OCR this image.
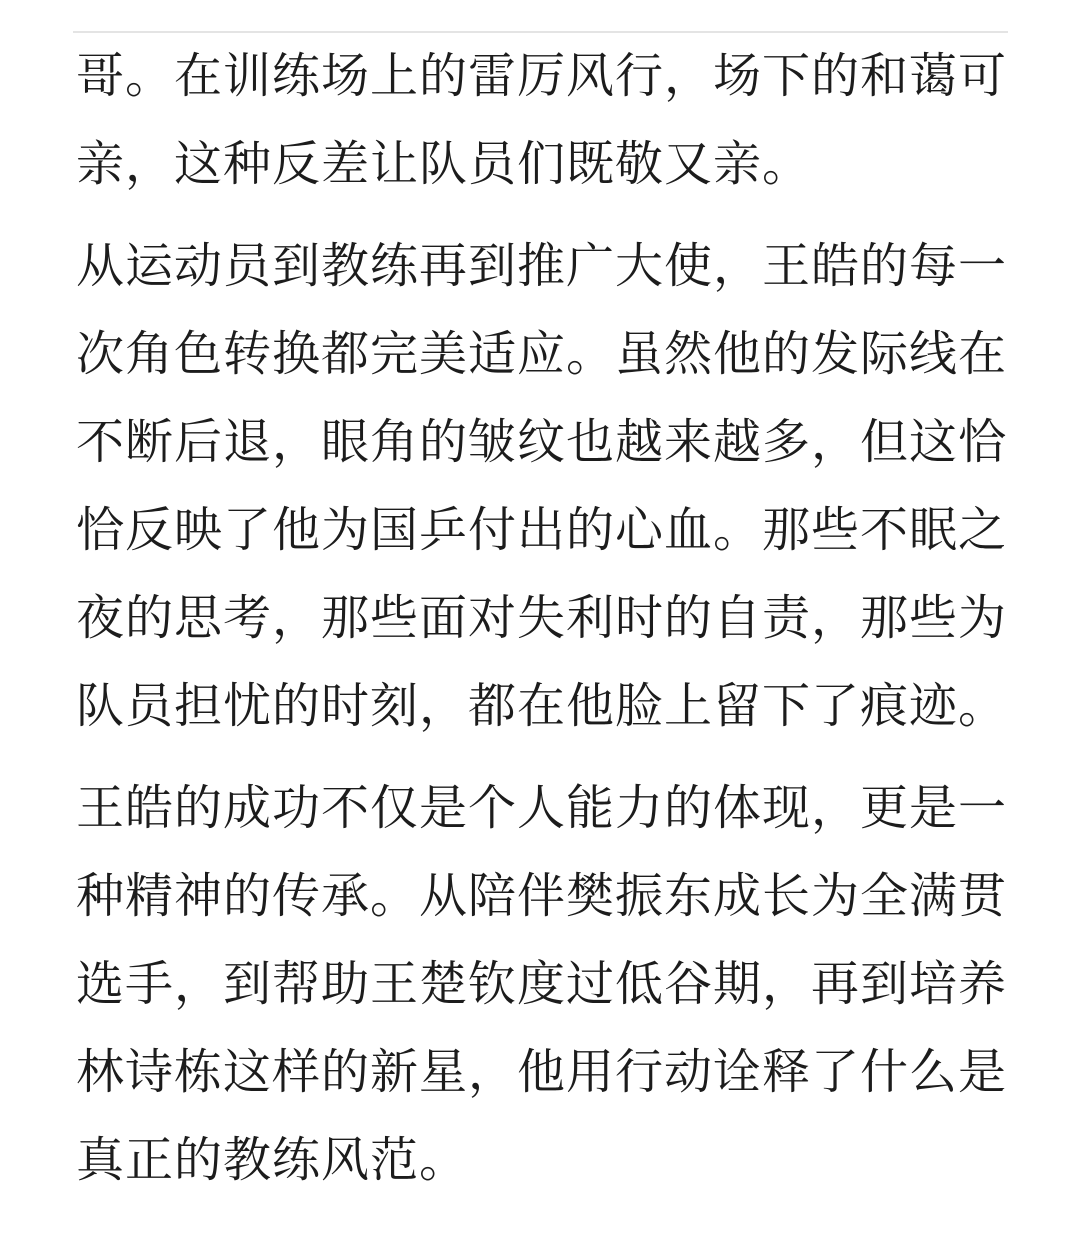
哥。在训练场上的雷厉风行，场下的和蔼可亲，这种反差让队员们既敬又亲。

从运动员到教练再到推广大使，王皓的每一次角色转换都完美适应。虽然他的发际线在不断后退，眼角的皱纹也越来越多，但这恰恰反映了他为国乒付出的心血。那些不眠之夜的思考，那些面对失利时的自责，那些为队员担忧的时刻，都在他脸上留下了痕迹。

王皓的成功不仅是个人能力的体现，更是一种精神的传承。从陪伴樊振东成长为全满贯选手，到帮助王楚钦度过低谷期，再到培养林诗栋这样的新星，他用行动诠释了什么是真正的教练风范。
